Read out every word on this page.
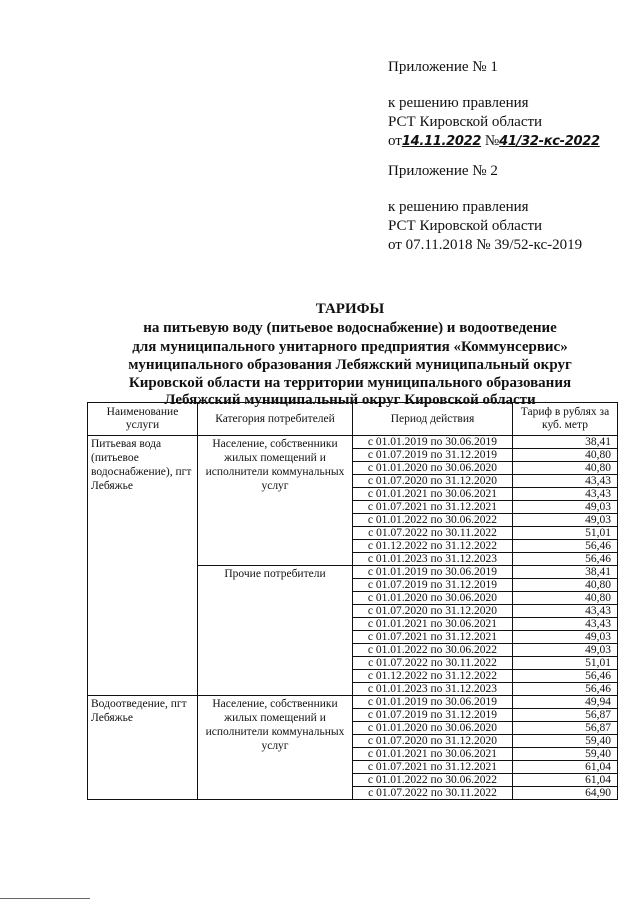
Приложение № 1
к решению правления
РСТ Кировской области
от14.11.2022 №41/32-кс-2022
Приложение № 2
к решению правления
РСТ Кировской области
от 07.11.2018 № 39/52-кс-2019
ТАРИФЫ
на питьевую воду (питьевое водоснабжение) и водоотведение
для муниципального унитарного предприятия «Коммунсервис»
муниципального образования Лебяжский муниципальный округ
Кировской области на территории муниципального образования
Лебяжский муниципальный округ Кировской области
Наименование услуги	Категория потребителей	Период действия	Тариф в рублях за куб. метр
Питьевая вода (питьевое водоснабжение), пгт Лебяжье	Население, собственники жилых помещений и исполнители коммунальных услуг	с 01.01.2019 по 30.06.2019	38,41
		с 01.07.2019 по 31.12.2019	40,80
		с 01.01.2020 по 30.06.2020	40,80
		с 01.07.2020 по 31.12.2020	43,43
		с 01.01.2021 по 30.06.2021	43,43
		с 01.07.2021 по 31.12.2021	49,03
		с 01.01.2022 по 30.06.2022	49,03
		с 01.07.2022 по 30.11.2022	51,01
		с 01.12.2022 по 31.12.2022	56,46
		с 01.01.2023 по 31.12.2023	56,46
	Прочие потребители	с 01.01.2019 по 30.06.2019	38,41
		с 01.07.2019 по 31.12.2019	40,80
		с 01.01.2020 по 30.06.2020	40,80
		с 01.07.2020 по 31.12.2020	43,43
		с 01.01.2021 по 30.06.2021	43,43
		с 01.07.2021 по 31.12.2021	49,03
		с 01.01.2022 по 30.06.2022	49,03
		с 01.07.2022 по 30.11.2022	51,01
		с 01.12.2022 по 31.12.2022	56,46
		с 01.01.2023 по 31.12.2023	56,46
Водоотведение, пгт Лебяжье	Население, собственники жилых помещений и исполнители коммунальных услуг	с 01.01.2019 по 30.06.2019	49,94
		с 01.07.2019 по 31.12.2019	56,87
		с 01.01.2020 по 30.06.2020	56,87
		с 01.07.2020 по 31.12.2020	59,40
		с 01.01.2021 по 30.06.2021	59,40
		с 01.07.2021 по 31.12.2021	61,04
		с 01.01.2022 по 30.06.2022	61,04
		с 01.07.2022 по 30.11.2022	64,90
